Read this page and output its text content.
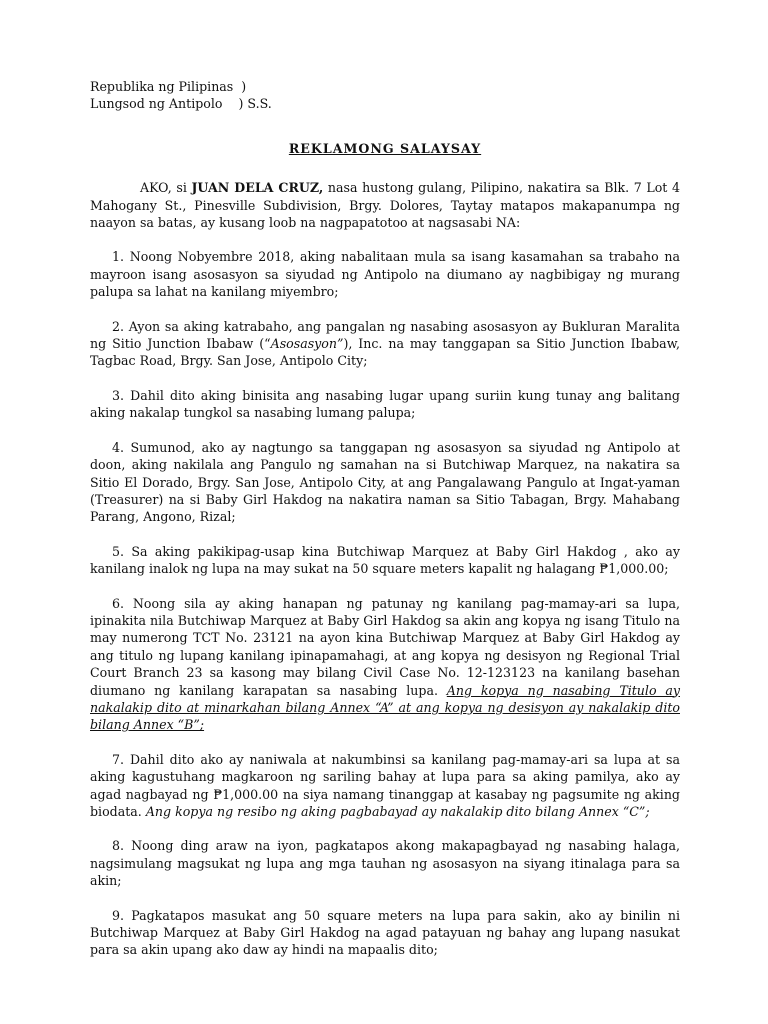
Republika ng Pilipinas  )
Lungsod ng Antipolo    ) S.S.
REKLAMONG SALAYSAY

AKO, si JUAN DELA CRUZ, nasa hustong gulang, Pilipino, nakatira sa Blk. 7 Lot 4 Mahogany St., Pinesville Subdivision, Brgy. Dolores, Taytay matapos makapanumpa ng naayon sa batas, ay kusang loob na nagpapatotoo at nagsasabi NA:

1. Noong Nobyembre 2018, aking nabalitaan mula sa isang kasamahan sa trabaho na mayroon isang asosasyon sa siyudad ng Antipolo na diumano ay nagbibigay ng murang palupa sa lahat na kanilang miyembro;

2. Ayon sa aking katrabaho, ang pangalan ng nasabing asosasyon ay Bukluran Maralita ng Sitio Junction Ibabaw (“Asosasyon”), Inc. na may tanggapan sa Sitio Junction Ibabaw, Tagbac Road, Brgy. San Jose, Antipolo City;

3. Dahil dito aking binisita ang nasabing lugar upang suriin kung tunay ang balitang aking nakalap tungkol sa nasabing lumang palupa;

4. Sumunod, ako ay nagtungo sa tanggapan ng asosasyon sa siyudad ng Antipolo at doon, aking nakilala ang Pangulo ng samahan na si Butchiwap Marquez, na nakatira sa Sitio El Dorado, Brgy. San Jose, Antipolo City, at ang Pangalawang Pangulo at Ingat-yaman (Treasurer) na si Baby Girl Hakdog na nakatira naman sa Sitio Tabagan, Brgy. Mahabang Parang, Angono, Rizal;

5. Sa aking pakikipag-usap kina Butchiwap Marquez at Baby Girl Hakdog , ako ay kanilang inalok ng lupa na may sukat na 50 square meters kapalit ng halagang ₱1,000.00;

6. Noong sila ay aking hanapan ng patunay ng kanilang pag-mamay-ari sa lupa, ipinakita nila Butchiwap Marquez at Baby Girl Hakdog sa akin ang kopya ng isang Titulo na may numerong TCT No. 23121 na ayon kina Butchiwap Marquez at Baby Girl Hakdog ay ang titulo ng lupang kanilang ipinapamahagi, at ang kopya ng desisyon ng Regional Trial Court Branch 23 sa kasong may bilang Civil Case No. 12-123123 na kanilang basehan diumano ng kanilang karapatan sa nasabing lupa. Ang kopya ng nasabing Titulo ay nakalakip dito at minarkahan bilang Annex “A” at ang kopya ng desisyon ay nakalakip dito bilang Annex “B”;

7. Dahil dito ako ay naniwala at nakumbinsi sa kanilang pag-mamay-ari sa lupa at sa aking kagustuhang magkaroon ng sariling bahay at lupa para sa aking pamilya, ako ay agad nagbayad ng ₱1,000.00 na siya namang tinanggap at kasabay ng pagsumite ng aking biodata. Ang kopya ng resibo ng aking pagbabayad ay nakalakip dito bilang Annex “C”;

8. Noong ding araw na iyon, pagkatapos akong makapagbayad ng nasabing halaga, nagsimulang magsukat ng lupa ang mga tauhan ng asosasyon na siyang itinalaga para sa akin;

9. Pagkatapos masukat ang 50 square meters na lupa para sakin, ako ay binilin ni Butchiwap Marquez at Baby Girl Hakdog na agad patayuan ng bahay ang lupang nasukat para sa akin upang ako daw ay hindi na mapaalis dito;
